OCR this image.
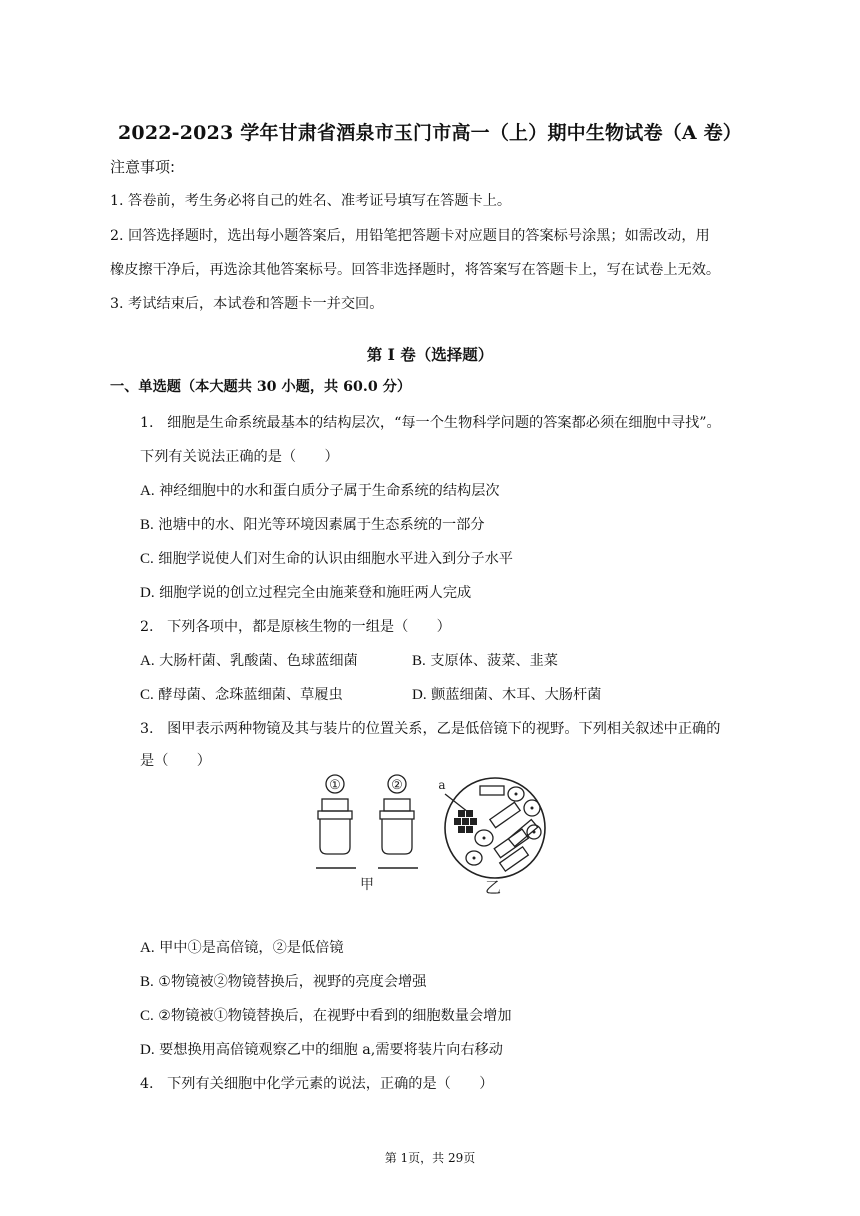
2022-2023 学年甘肃省酒泉市玉门市高一（上）期中生物试卷（A 卷）
注意事项:
1. 答卷前，考生务必将自己的姓名、准考证号填写在答题卡上。
2. 回答选择题时，选出每小题答案后，用铅笔把答题卡对应题目的答案标号涂黑；如需改动，用
橡皮擦干净后，再选涂其他答案标号。回答非选择题时，将答案写在答题卡上，写在试卷上无效。
3. 考试结束后，本试卷和答题卡一并交回。
第 I 卷（选择题）
一、单选题（本大题共 30 小题，共 60.0 分）
1. 细胞是生命系统最基本的结构层次，“每一个生物科学问题的答案都必须在细胞中寻找”。
下列有关说法正确的是（　　）
A. 神经细胞中的水和蛋白质分子属于生命系统的结构层次
B. 池塘中的水、阳光等环境因素属于生态系统的一部分
C. 细胞学说使人们对生命的认识由细胞水平进入到分子水平
D. 细胞学说的创立过程完全由施莱登和施旺两人完成
2. 下列各项中，都是原核生物的一组是（　　）
A. 大肠杆菌、乳酸菌、色球蓝细菌	B. 支原体、菠菜、韭菜
C. 酵母菌、念珠蓝细菌、草履虫	D. 颤蓝细菌、木耳、大肠杆菌
3. 图甲表示两种物镜及其与装片的位置关系，乙是低倍镜下的视野。下列相关叙述中正确的
是（　　）
①	②
甲	乙
a
A. 甲中①是高倍镜，②是低倍镜
B. ①物镜被②物镜替换后，视野的亮度会增强
C. ②物镜被①物镜替换后，在视野中看到的细胞数量会增加
D. 要想换用高倍镜观察乙中的细胞 a,需要将装片向右移动
4. 下列有关细胞中化学元素的说法，正确的是（　　）
第 1页，共 29页
